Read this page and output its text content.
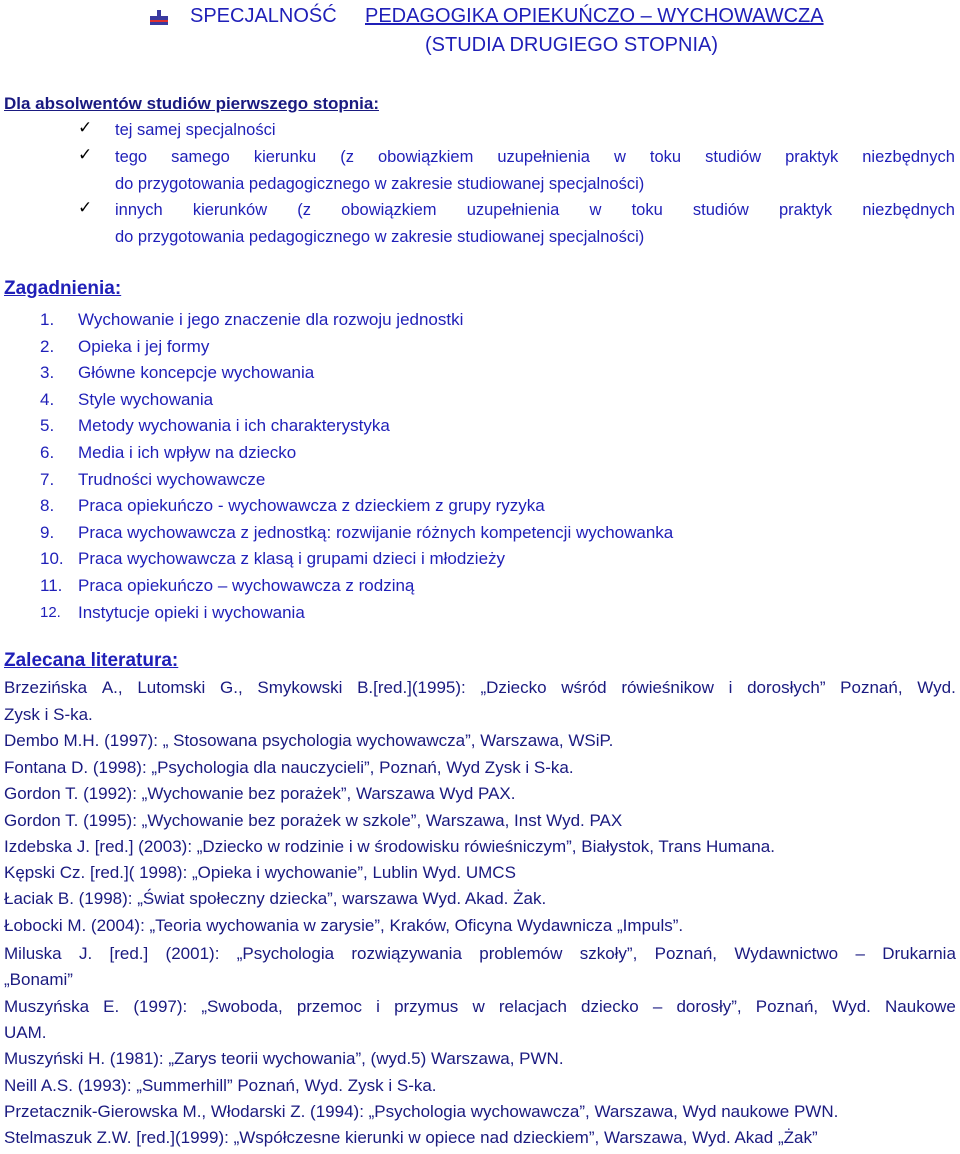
SPECJALNOŚĆ PEDAGOGIKA OPIEKUŃCZO – WYCHOWAWCZA
(STUDIA DRUGIEGO STOPNIA)
Dla absolwentów studiów pierwszego stopnia:
✓ tej samej specjalności
✓ tego samego kierunku (z obowiązkiem uzupełnienia w toku studiów praktyk niezbędnych
do przygotowania pedagogicznego w zakresie studiowanej specjalności)
✓ innych kierunków (z obowiązkiem uzupełnienia w toku studiów praktyk niezbędnych
do przygotowania pedagogicznego w zakresie studiowanej specjalności)
Zagadnienia:
1.	Wychowanie i jego znaczenie dla rozwoju jednostki
2.	Opieka i jej formy
3.	Główne koncepcje wychowania
4.	Style wychowania
5.	Metody wychowania i ich charakterystyka
6.	Media i ich wpływ na dziecko
7.	Trudności wychowawcze
8.	Praca opiekuńczo - wychowawcza z dzieckiem z grupy ryzyka
9.	Praca wychowawcza z jednostką: rozwijanie różnych kompetencji wychowanka
10. Praca wychowawcza z klasą i grupami dzieci i młodzieży
11. Praca opiekuńczo – wychowawcza z rodziną
12.	Instytucje opieki i wychowania
Zalecana literatura:
Brzezińska A., Lutomski G., Smykowski B.[red.](1995): „Dziecko wśród rówieśnikow i dorosłych” Poznań, Wyd.
Zysk i S-ka.
Dembo M.H. (1997): „ Stosowana psychologia wychowawcza”, Warszawa, WSiP.
Fontana D. (1998): „Psychologia dla nauczycieli”, Poznań, Wyd Zysk i S-ka.
Gordon T. (1992): „Wychowanie bez porażek”, Warszawa Wyd PAX.
Gordon T. (1995): „Wychowanie bez porażek w szkole”, Warszawa, Inst Wyd. PAX
Izdebska J. [red.] (2003): „Dziecko w rodzinie i w środowisku rówieśniczym”, Białystok, Trans Humana.
Kępski Cz. [red.]( 1998): „Opieka i wychowanie”, Lublin Wyd. UMCS
Łaciak B. (1998): „Świat społeczny dziecka”, warszawa Wyd. Akad. Żak.
Łobocki M. (2004): „Teoria wychowania w zarysie”, Kraków, Oficyna Wydawnicza „Impuls”.
Miluska J. [red.] (2001): „Psychologia rozwiązywania problemów szkoły”, Poznań, Wydawnictwo – Drukarnia
„Bonami”
Muszyńska E. (1997): „Swoboda, przemoc i przymus w relacjach dziecko – dorosły”, Poznań, Wyd. Naukowe
UAM.
Muszyński H. (1981): „Zarys teorii wychowania”, (wyd.5) Warszawa, PWN.
Neill A.S. (1993): „Summerhill” Poznań, Wyd. Zysk i S-ka.
Przetacznik-Gierowska M., Włodarski Z. (1994): „Psychologia wychowawcza”, Warszawa, Wyd naukowe PWN.
Stelmaszuk Z.W. [red.](1999): „Współczesne kierunki w opiece nad dzieckiem”, Warszawa, Wyd. Akad „Żak”
